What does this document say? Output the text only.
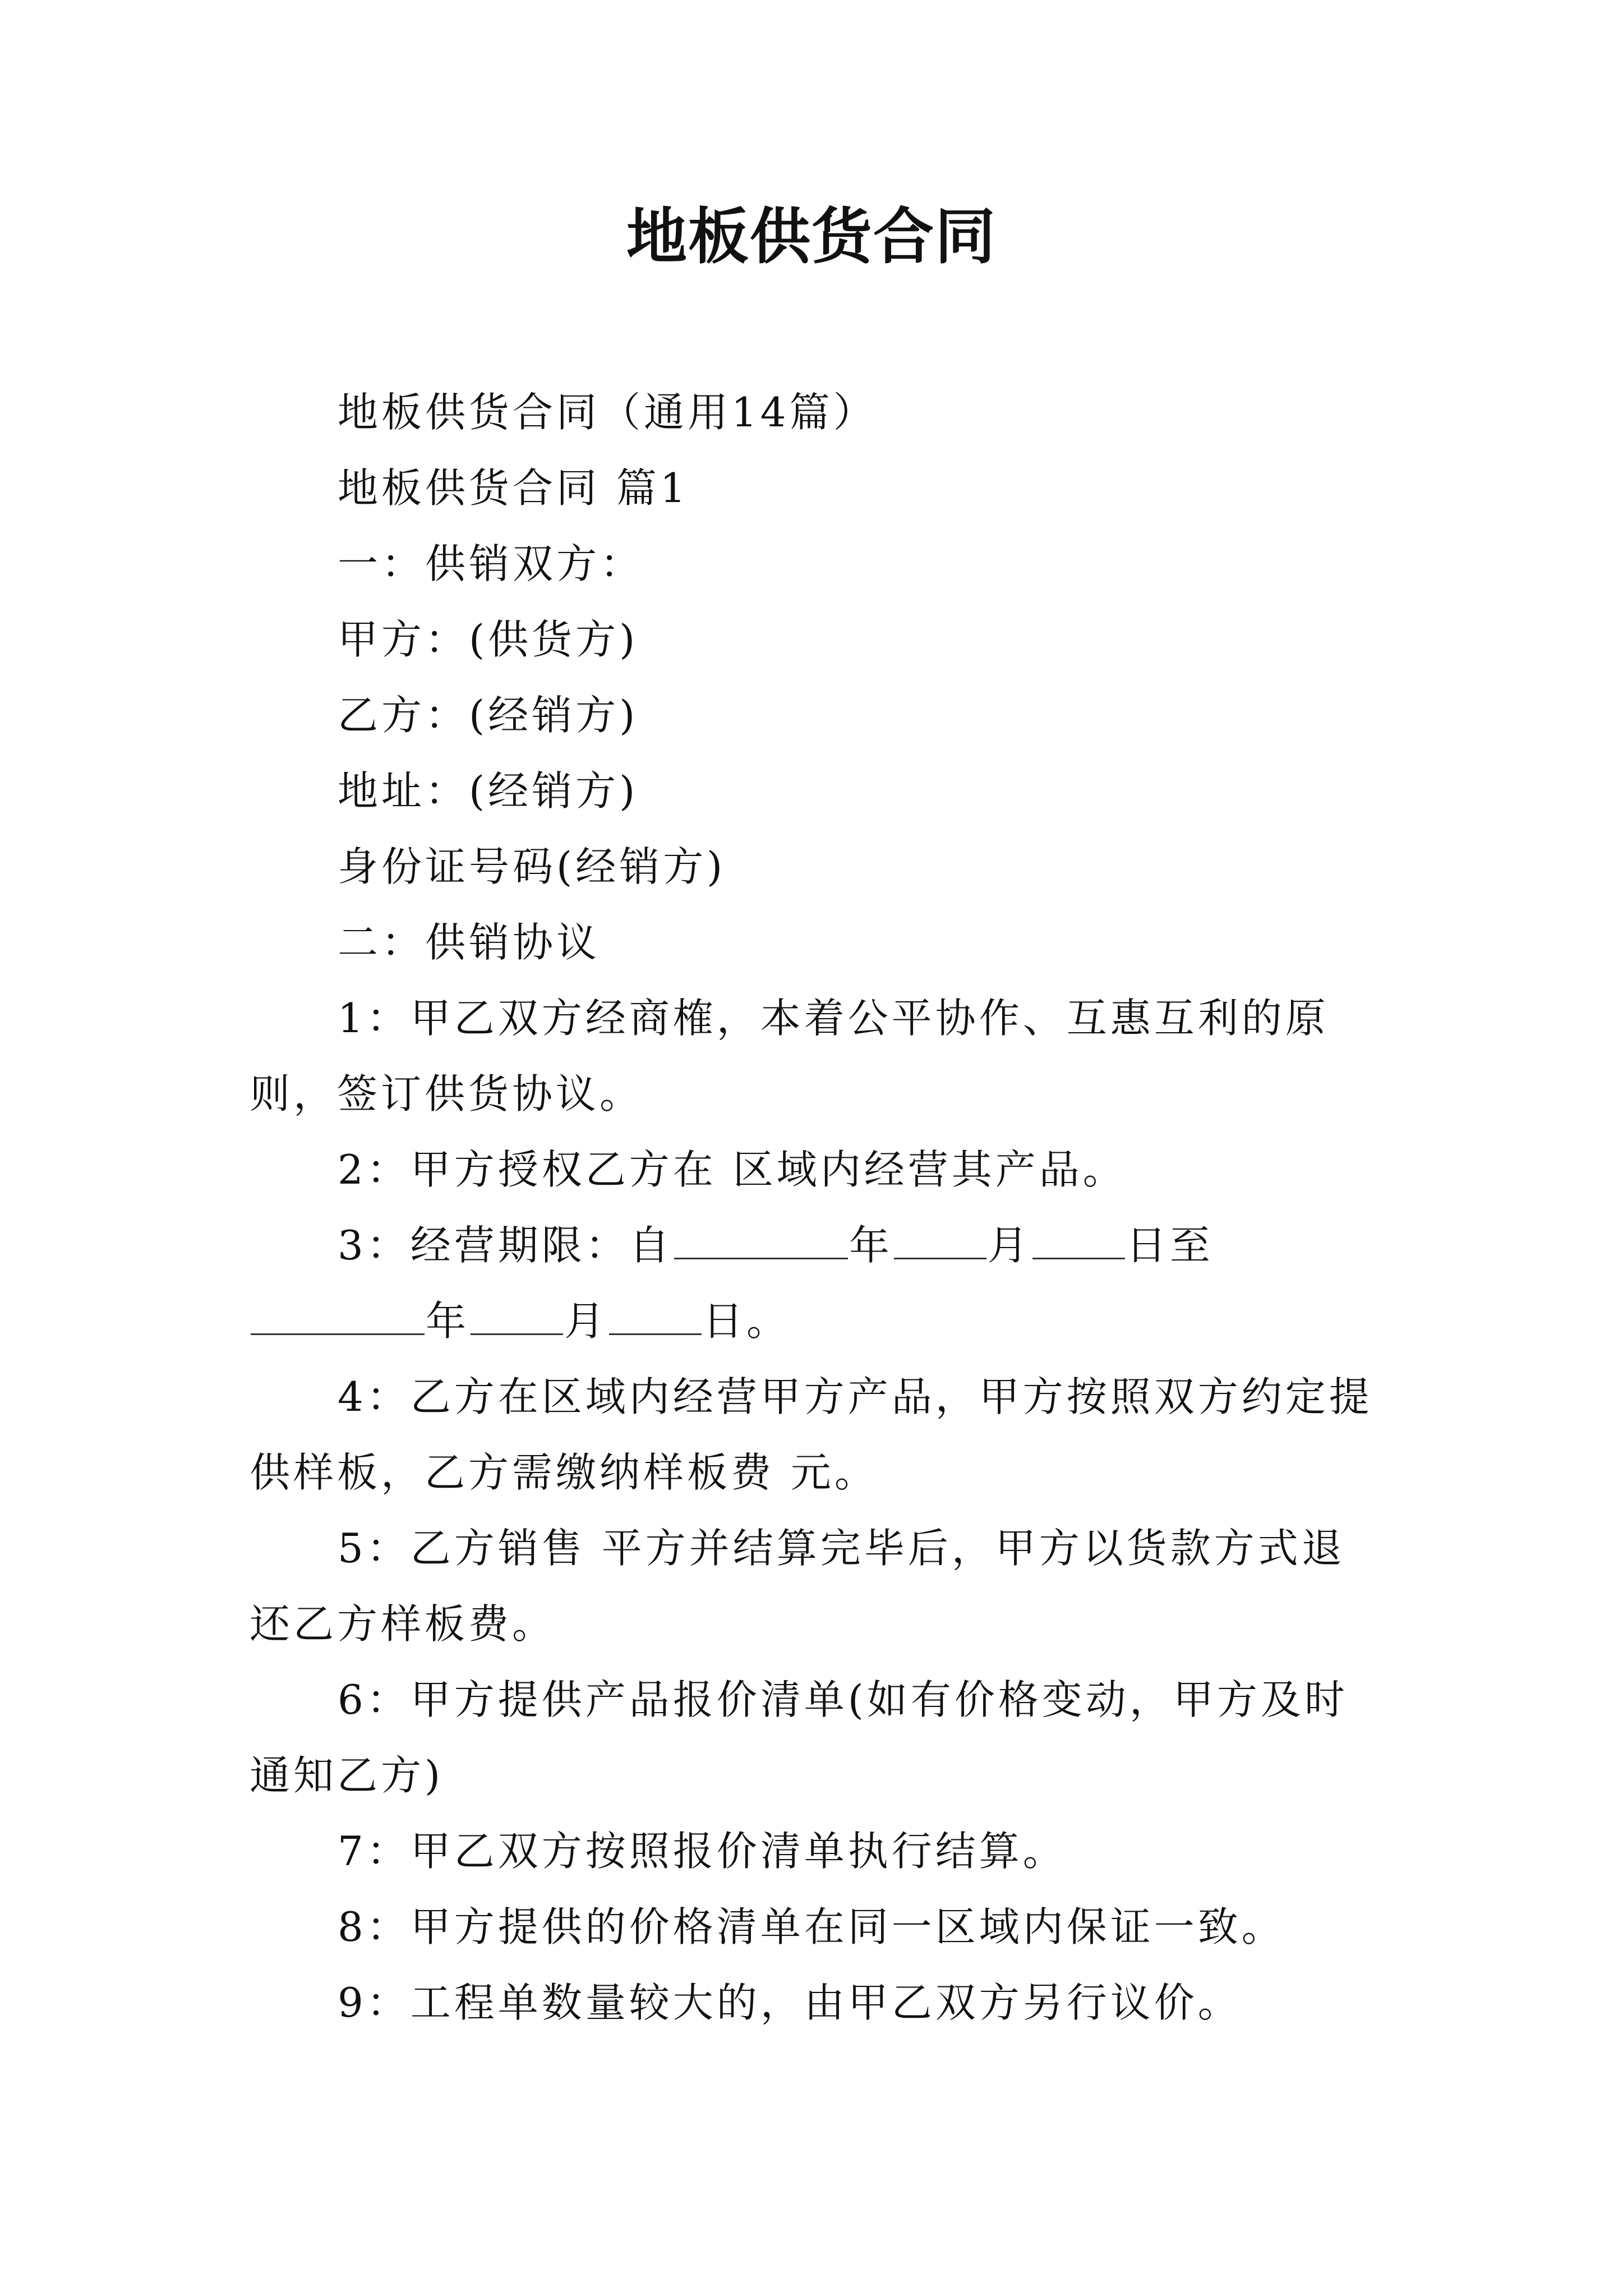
地板供货合同

地板供货合同（通用14篇）

地板供货合同 篇1

一：供销双方：

甲方：(供货方)

乙方：(经销方)

地址：(经销方)

身份证号码(经销方)

二：供销协议

1：甲乙双方经商榷，本着公平协作、互惠互利的原则，签订供货协议。

2：甲方授权乙方在 区域内经营其产品。

3：经营期限：自	年 月 日至年 月 日。

4：乙方在区域内经营甲方产品，甲方按照双方约定提供样板，乙方需缴纳样板费 元。

5：乙方销售 平方并结算完毕后，甲方以货款方式退还乙方样板费。

6：甲方提供产品报价清单(如有价格变动，甲方及时通知乙方)

7：甲乙双方按照报价清单执行结算。

8：甲方提供的价格清单在同一区域内保证一致。

9：工程单数量较大的，由甲乙双方另行议价。
